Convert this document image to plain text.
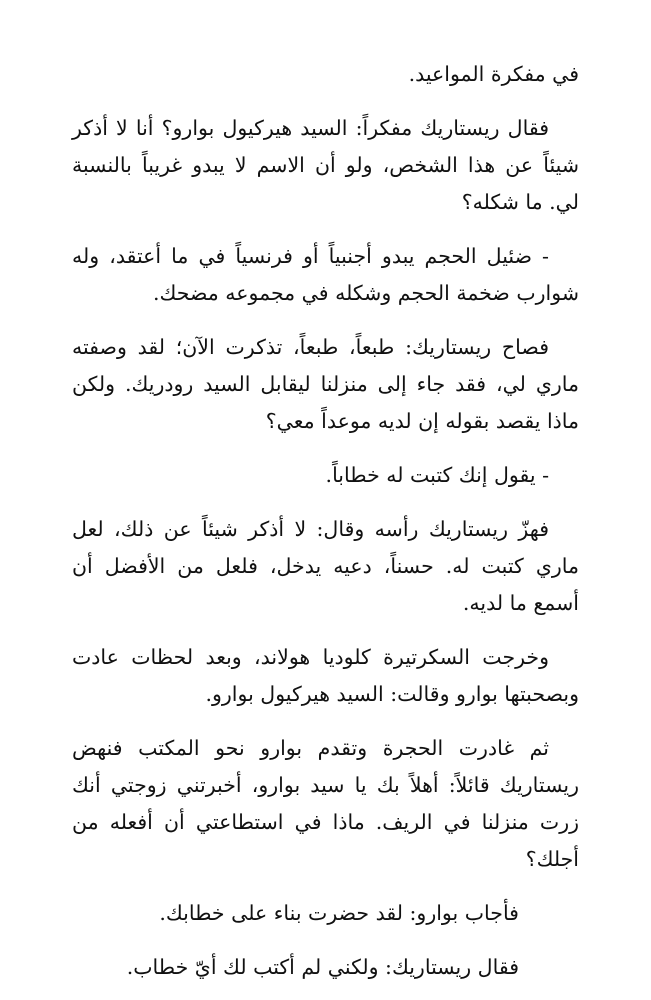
في مفكرة المواعيد.

فقال ريستاريك مفكراً: السيد هيركيول بوارو؟ أنا لا أذكر شيئاً عن هذا الشخص، ولو أن الاسم لا يبدو غريباً بالنسبة لي. ما شكله؟

- ضئيل الحجم يبدو أجنبياً أو فرنسياً في ما أعتقد، وله شوارب ضخمة الحجم وشكله في مجموعه مضحك.

فصاح ريستاريك: طبعاً، طبعاً، تذكرت الآن؛ لقد وصفته ماري لي، فقد جاء إلى منزلنا ليقابل السيد رودريك. ولكن ماذا يقصد بقوله إن لديه موعداً معي؟

- يقول إنك كتبت له خطاباً.

فهزّ ريستاريك رأسه وقال: لا أذكر شيئاً عن ذلك، لعل ماري كتبت له. حسناً، دعيه يدخل، فلعل من الأفضل أن أسمع ما لديه.

وخرجت السكرتيرة كلوديا هولاند، وبعد لحظات عادت وبصحبتها بوارو وقالت: السيد هيركيول بوارو.

ثم غادرت الحجرة وتقدم بوارو نحو المكتب فنهض ريستاريك قائلاً: أهلاً بك يا سيد بوارو، أخبرتني زوجتي أنك زرت منزلنا في الريف. ماذا في استطاعتي أن أفعله من أجلك؟

فأجاب بوارو: لقد حضرت بناء على خطابك.

فقال ريستاريك: ولكني لم أكتب لك أيّ خطاب.
